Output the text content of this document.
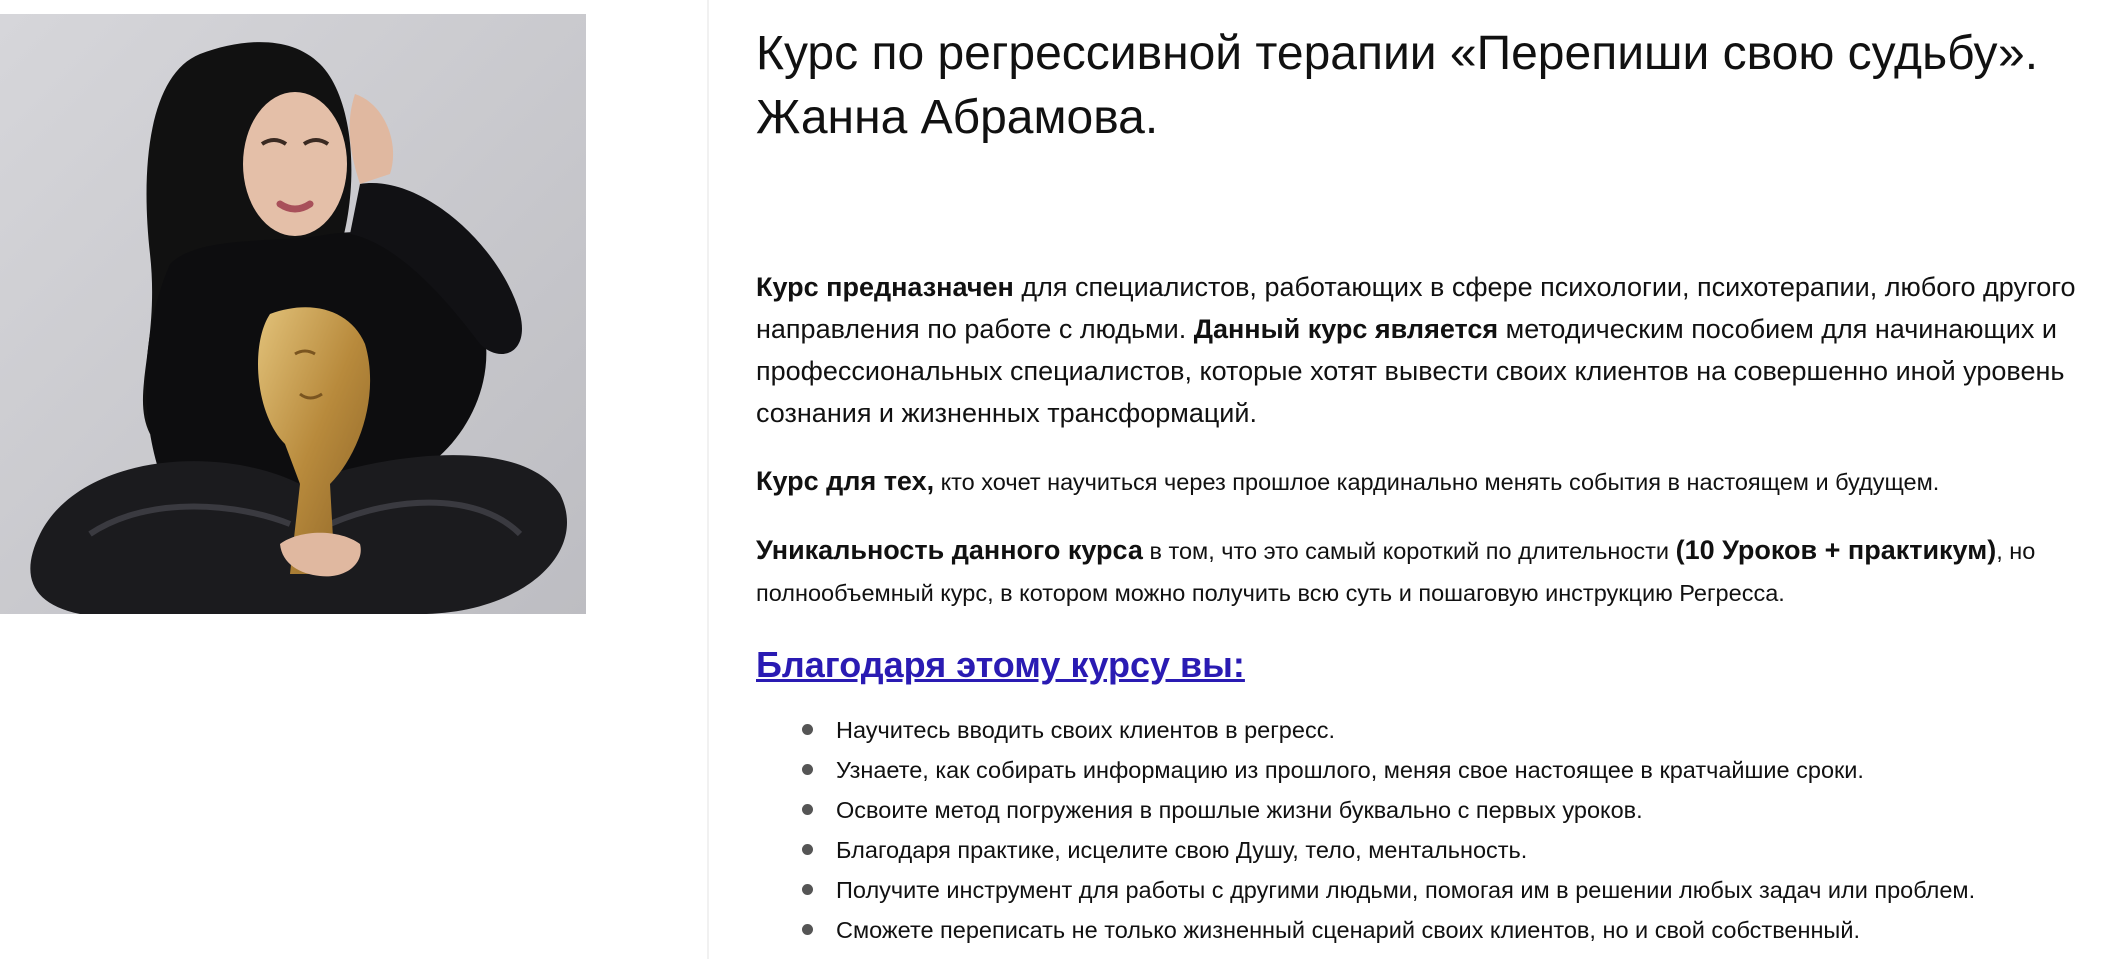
Курс по регрессивной терапии «Перепиши свою судьбу». Жанна Абрамова.

Курс предназначен для специалистов, работающих в сфере психологии, психотерапии, любого другого направления по работе с людьми. Данный курс является методическим пособием для начинающих и профессиональных специалистов, которые хотят вывести своих клиентов на совершенно иной уровень сознания и жизненных трансформаций.

Курс для тех, кто хочет научиться через прошлое кардинально менять события в настоящем и будущем.

Уникальность данного курса в том, что это самый короткий по длительности (10 Уроков + практикум), но полнообъемный курс, в котором можно получить всю суть и пошаговую инструкцию Регресса.

Благодаря этому курсу вы:
Научитесь вводить своих клиентов в регресс.
Узнаете, как собирать информацию из прошлого, меняя свое настоящее в кратчайшие сроки.
Освоите метод погружения в прошлые жизни буквально с первых уроков.
Благодаря практике, исцелите свою Душу, тело, ментальность.
Получите инструмент для работы с другими людьми, помогая им в решении любых задач или проблем.
Сможете переписать не только жизненный сценарий своих клиентов, но и свой собственный.
